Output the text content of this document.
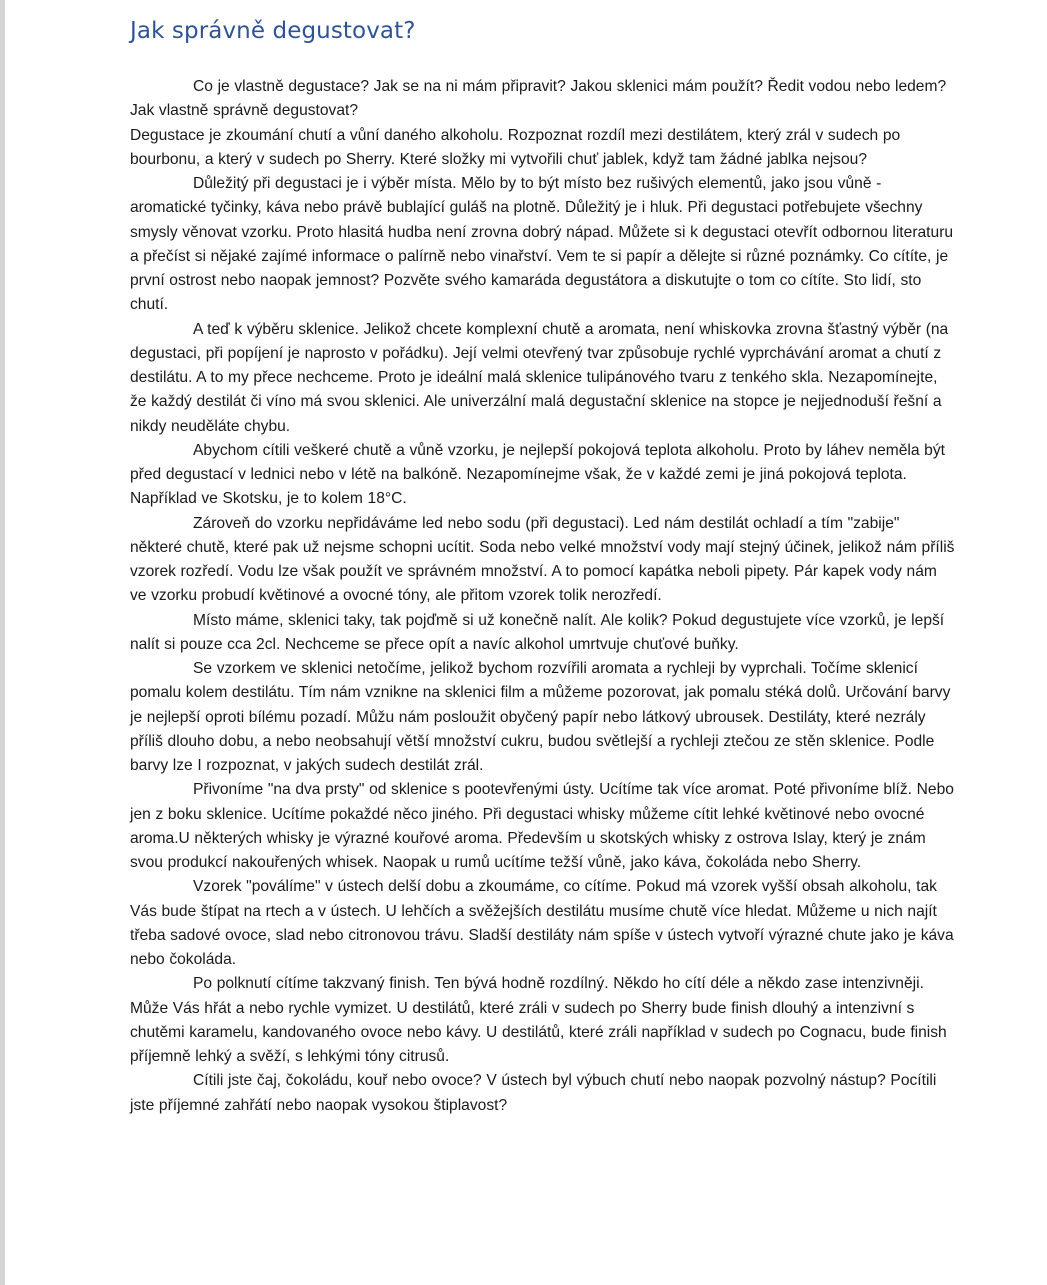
Jak správně degustovat?

Co je vlastně degustace? Jak se na ni mám připravit? Jakou sklenici mám použít? Ředit vodou nebo ledem? Jak vlastně správně degustovat?

Degustace je zkoumání chutí a vůní daného alkoholu. Rozpoznat rozdíl mezi destilátem, který zrál v sudech po bourbonu, a který v sudech po Sherry. Které složky mi vytvořili chuť jablek, když tam žádné jablka nejsou?

Důležitý při degustaci je i výběr místa. Mělo by to být místo bez rušivých elementů, jako jsou vůně - aromatické tyčinky, káva nebo právě bublající guláš na plotně. Důležitý je i hluk. Při degustaci potřebujete všechny smysly věnovat vzorku. Proto hlasitá hudba není zrovna dobrý nápad. Můžete si k degustaci otevřít odbornou literaturu a přečíst si nějaké zajímé informace o palírně nebo vinařství. Vem te si papír a dělejte si různé poznámky. Co cítíte, je první ostrost nebo naopak jemnost? Pozvěte svého kamaráda degustátora a diskutujte o tom co cítíte. Sto lidí, sto chutí.

A teď k výběru sklenice. Jelikož chcete komplexní chutě a aromata, není whiskovka zrovna šťastný výběr (na degustaci, při popíjení je naprosto v pořádku). Její velmi otevřený tvar způsobuje rychlé vyprchávání aromat a chutí z destilátu. A to my přece nechceme. Proto je ideální malá sklenice tulipánového tvaru z tenkého skla. Nezapomínejte, že každý destilát či víno má svou sklenici. Ale univerzální malá degustační sklenice na stopce je nejjednoduší řešní a nikdy neuděláte chybu.

Abychom cítili veškeré chutě a vůně vzorku, je nejlepší pokojová teplota alkoholu. Proto by láhev neměla být před degustací v lednici nebo v létě na balkóně. Nezapomínejme však, že v každé zemi je jiná pokojová teplota. Například ve Skotsku, je to kolem 18°C.

Zároveň do vzorku nepřidáváme led nebo sodu (při degustaci). Led nám destilát ochladí a tím "zabije" některé chutě, které pak už nejsme schopni ucítit. Soda nebo velké množství vody mají stejný účinek, jelikož nám příliš vzorek rozředí. Vodu lze však použít ve správném množství. A to pomocí kapátka neboli pipety. Pár kapek vody nám ve vzorku probudí květinové a ovocné tóny, ale přitom vzorek tolik nerozředí.

Místo máme, sklenici taky, tak pojďmě si už konečně nalít. Ale kolik? Pokud degustujete více vzorků, je lepší nalít si pouze cca 2cl. Nechceme se přece opít a navíc alkohol umrtvuje chuťové buňky.

Se vzorkem ve sklenici netočíme, jelikož bychom rozvířili aromata a rychleji by vyprchali. Točíme sklenicí pomalu kolem destilátu. Tím nám vznikne na sklenici film a můžeme pozorovat, jak pomalu stéká dolů. Určování barvy je nejlepší oproti bílému pozadí. Můžu nám posloužit obyčený papír nebo látkový ubrousek. Destiláty, které nezrály příliš dlouho dobu, a nebo neobsahují větší množství cukru, budou světlejší a rychleji ztečou ze stěn sklenice. Podle barvy lze I rozpoznat, v jakých sudech destilát zrál.

Přivoníme "na dva prsty" od sklenice s pootevřenými ústy. Ucítíme tak více aromat. Poté přivoníme blíž. Nebo jen z boku sklenice. Ucítíme pokaždé něco jiného. Při degustaci whisky můžeme cítit lehké květinové nebo ovocné aroma.U některých whisky je výrazné kouřové aroma. Především u skotských whisky z ostrova Islay, který je znám svou produkcí nakouřených whisek. Naopak u rumů ucítíme težší vůně, jako káva, čokoláda nebo Sherry.

Vzorek "poválíme" v ústech delší dobu a zkoumáme, co cítíme. Pokud má vzorek vyšší obsah alkoholu, tak Vás bude štípat na rtech a v ústech. U lehčích a svěžejších destilátu musíme chutě více hledat. Můžeme u nich najít třeba sadové ovoce, slad nebo citronovou trávu. Sladší destiláty nám spíše v ústech vytvoří výrazné chute jako je káva nebo čokoláda.

Po polknutí cítíme takzvaný finish. Ten bývá hodně rozdílný. Někdo ho cítí déle a někdo zase intenzivněji. Může Vás hřát a nebo rychle vymizet. U destilátů, které zráli v sudech po Sherry bude finish dlouhý a intenzivní s chutěmi karamelu, kandovaného ovoce nebo kávy. U destilátů, které zráli například v sudech po Cognacu, bude finish příjemně lehký a svěží, s lehkými tóny citrusů.

Cítili jste čaj, čokoládu, kouř nebo ovoce? V ústech byl výbuch chutí nebo naopak pozvolný nástup? Pocítili jste příjemné zahřátí nebo naopak vysokou štiplavost?
